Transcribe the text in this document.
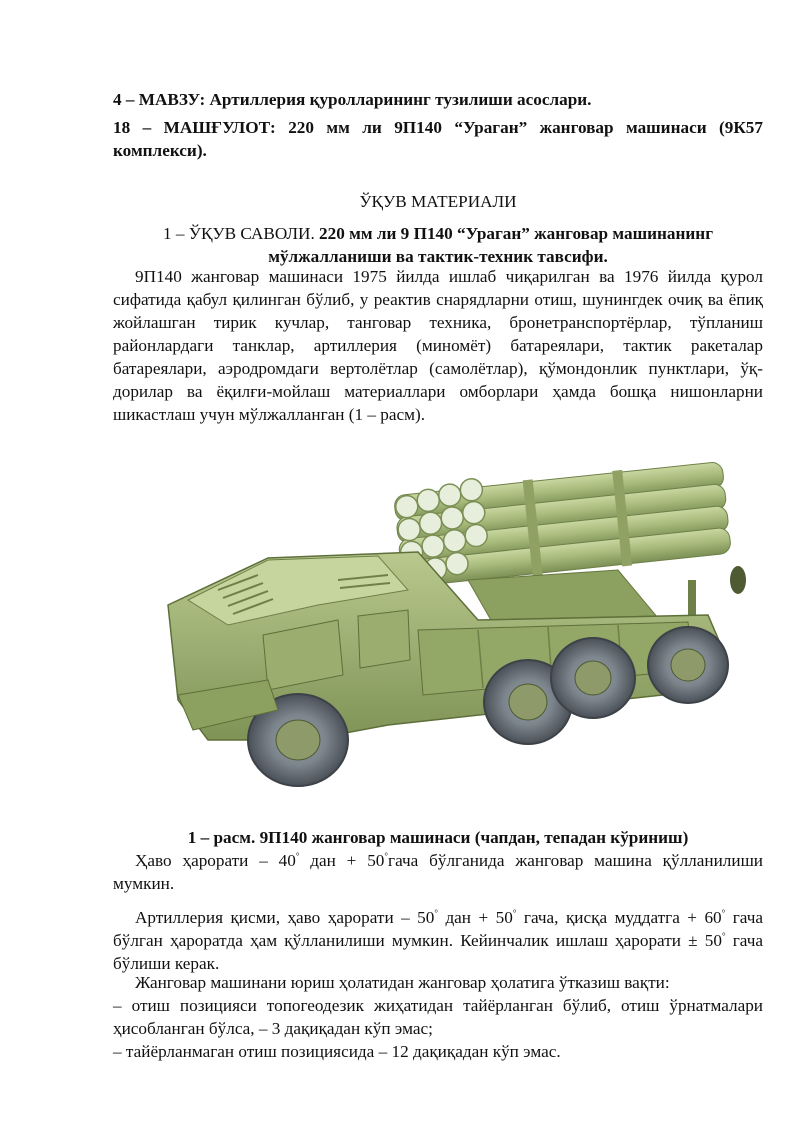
4 – МАВЗУ: Артиллерия қуролларининг тузилиши асослари.

18 – МАШҒУЛОТ: 220 мм ли 9П140 “Ураган” жанговар машинаси (9К57 комплекси).

ЎҚУВ МАТЕРИАЛИ

1 – ЎҚУВ САВОЛИ. 220 мм ли 9 П140 “Ураган” жанговар машинанинг мўлжалланиши ва тактик-техник тавсифи.

9П140 жанговар машинаси 1975 йилда ишлаб чиқарилган ва 1976 йилда қурол сифатида қабул қилинган бўлиб, у реактив снарядларни отиш, шунингдек очиқ ва ёпиқ жойлашган тирик кучлар, танговар техника, бронетранспортёрлар, тўпланиш районлардаги танклар, артиллерия (миномёт) батареялари, тактик ракеталар батареялари, аэродромдаги вертолётлар (самолётлар), қўмондонлик пунктлари, ўқ-дорилар ва ёқилғи-мойлаш материаллари омборлари ҳамда бошқа нишонларни шикастлаш учун мўлжалланган (1 – расм).

1 – расм. 9П140 жанговар машинаси (чапдан, тепадан кўриниш)

Ҳаво ҳарорати – 40° дан + 50°гача бўлганида жанговар машина қўлланилиши мумкин.

Артиллерия қисми, ҳаво ҳарорати – 50° дан + 50° гача, қисқа муддатга + 60° гача бўлган ҳароратда ҳам қўлланилиши мумкин. Кейинчалик ишлаш ҳарорати ± 50° гача бўлиши керак.

Жанговар машинани юриш ҳолатидан жанговар ҳолатига ўтказиш вақти:

– отиш позицияси топогеодезик жиҳатидан тайёрланган бўлиб, отиш ўрнатмалари ҳисобланган бўлса, – 3 дақиқадан кўп эмас;

– тайёрланмаган отиш позициясида – 12 дақиқадан кўп эмас.
